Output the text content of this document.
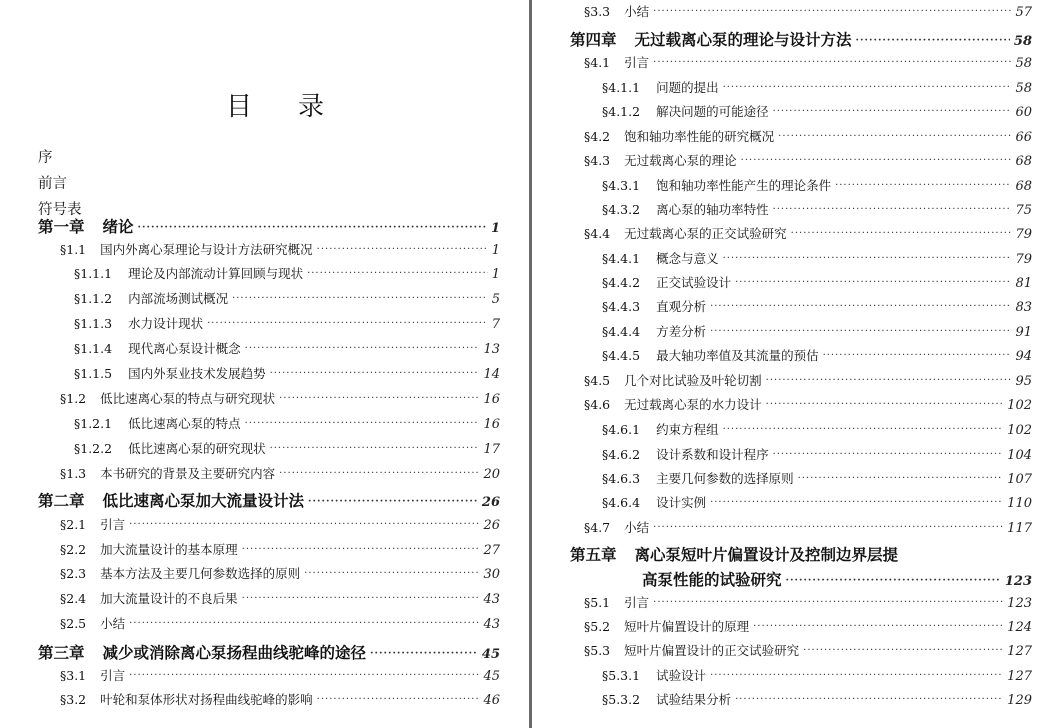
目录
序
前言
符号表
第一章 绪论 ·····	1
§1.1 国内外离心泵理论与设计方法研究概况 ·····	1
§1.1.1 理论及内部流动计算回顾与现状 ·····	1
§1.1.2 内部流场测试概况 ·····	5
§1.1.3 水力设计现状 ·····	7
§1.1.4 现代离心泵设计概念 ·····	13
§1.1.5 国内外泵业技术发展趋势 ·····	14
§1.2 低比速离心泵的特点与研究现状 ·····	16
§1.2.1 低比速离心泵的特点 ·····	16
§1.2.2 低比速离心泵的研究现状 ·····	17
§1.3 本书研究的背景及主要研究内容 ·····	20
第二章 低比速离心泵加大流量设计法 ·····	26
§2.1 引言 ·····	26
§2.2 加大流量设计的基本原理 ·····	27
§2.3 基本方法及主要几何参数选择的原则 ·····	30
§2.4 加大流量设计的不良后果 ·····	43
§2.5 小结 ·····	43
第三章 减少或消除离心泵扬程曲线驼峰的途径 ·····	45
§3.1 引言 ·····	45
§3.2 叶轮和泵体形状对扬程曲线驼峰的影响 ·····	46
§3.3 小结 ·····	57
第四章 无过载离心泵的理论与设计方法 ·····	58
§4.1 引言 ·····	58
§4.1.1 问题的提出 ·····	58
§4.1.2 解决问题的可能途径 ·····	60
§4.2 饱和轴功率性能的研究概况 ·····	66
§4.3 无过载离心泵的理论 ·····	68
§4.3.1 饱和轴功率性能产生的理论条件 ·····	68
§4.3.2 离心泵的轴功率特性 ·····	75
§4.4 无过载离心泵的正交试验研究 ·····	79
§4.4.1 概念与意义 ·····	79
§4.4.2 正交试验设计 ·····	81
§4.4.3 直观分析 ·····	83
§4.4.4 方差分析 ·····	91
§4.4.5 最大轴功率值及其流量的预估 ·····	94
§4.5 几个对比试验及叶轮切割 ·····	95
§4.6 无过载离心泵的水力设计 ·····	102
§4.6.1 约束方程组 ·····	102
§4.6.2 设计系数和设计程序 ·····	104
§4.6.3 主要几何参数的选择原则 ·····	107
§4.6.4 设计实例 ·····	110
§4.7 小结 ·····	117
第五章 离心泵短叶片偏置设计及控制边界层提
高泵性能的试验研究 ·····	123
§5.1 引言 ·····	123
§5.2 短叶片偏置设计的原理 ·····	124
§5.3 短叶片偏置设计的正交试验研究 ·····	127
§5.3.1 试验设计 ·····	127
§5.3.2 试验结果分析 ·····	129
